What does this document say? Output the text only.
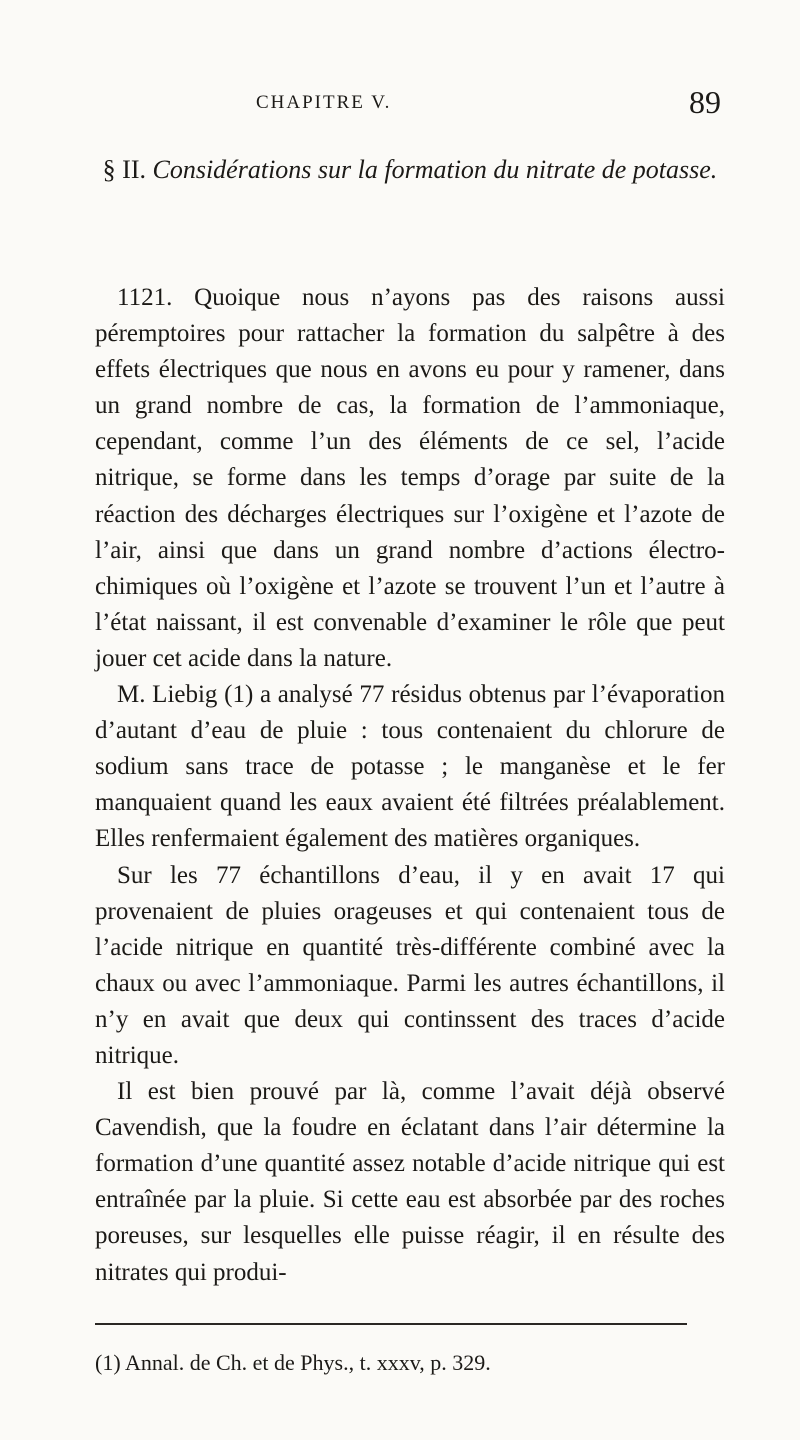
CHAPITRE V.	89
§ II. Considérations sur la formation du nitrate de potasse.

1121. Quoique nous n’ayons pas des raisons aussi péremptoires pour rattacher la formation du salpêtre à des effets électriques que nous en avons eu pour y ramener, dans un grand nombre de cas, la formation de l’ammoniaque, cependant, comme l’un des éléments de ce sel, l’acide nitrique, se forme dans les temps d’orage par suite de la réaction des décharges électriques sur l’oxigène et l’azote de l’air, ainsi que dans un grand nombre d’actions électro-chimiques où l’oxigène et l’azote se trouvent l’un et l’autre à l’état naissant, il est convenable d’examiner le rôle que peut jouer cet acide dans la nature.

M. Liebig (1) a analysé 77 résidus obtenus par l’évaporation d’autant d’eau de pluie : tous contenaient du chlorure de sodium sans trace de potasse ; le manganèse et le fer manquaient quand les eaux avaient été filtrées préalablement. Elles renfermaient également des matières organiques.

Sur les 77 échantillons d’eau, il y en avait 17 qui provenaient de pluies orageuses et qui contenaient tous de l’acide nitrique en quantité très-différente combiné avec la chaux ou avec l’ammoniaque. Parmi les autres échantillons, il n’y en avait que deux qui continssent des traces d’acide nitrique.

Il est bien prouvé par là, comme l’avait déjà observé Cavendish, que la foudre en éclatant dans l’air détermine la formation d’une quantité assez notable d’acide nitrique qui est entraînée par la pluie. Si cette eau est absorbée par des roches poreuses, sur lesquelles elle puisse réagir, il en résulte des nitrates qui produi-

(1) Annal. de Ch. et de Phys., t. xxxv, p. 329.
